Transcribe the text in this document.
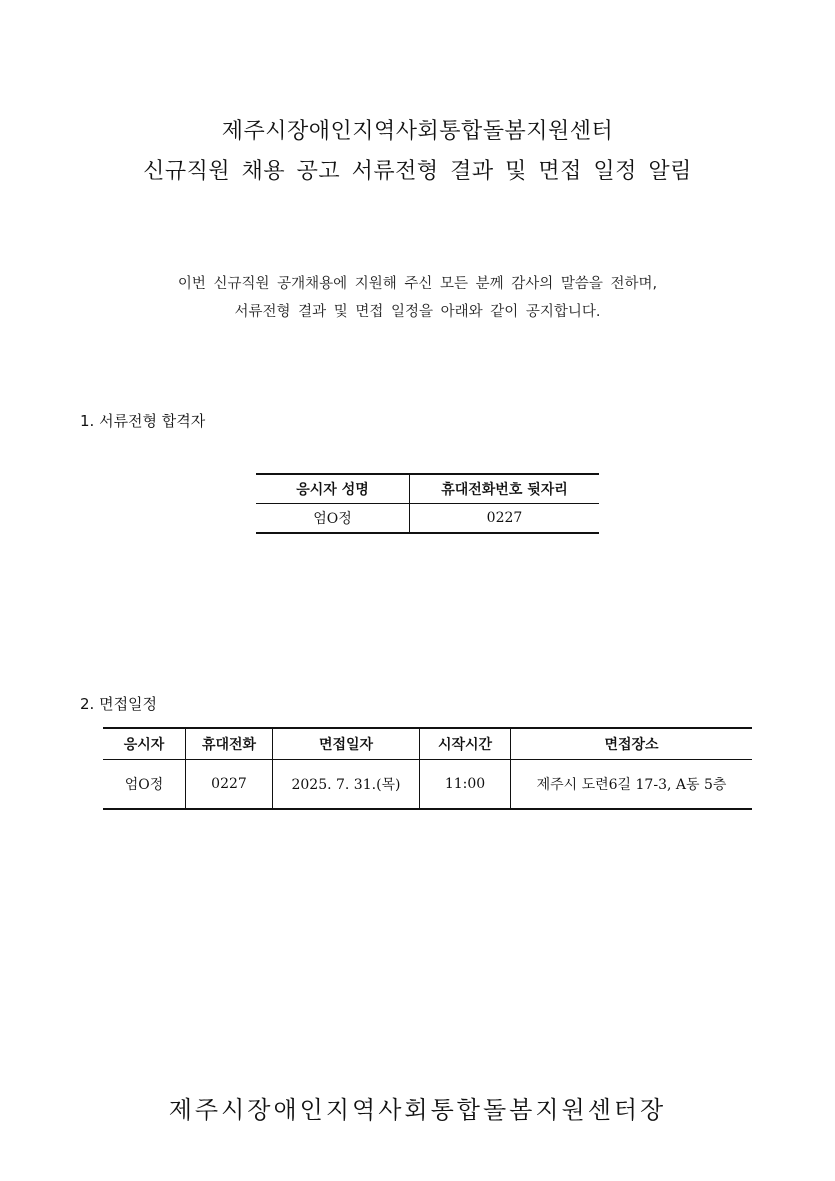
제주시장애인지역사회통합돌봄지원센터
신규직원 채용 공고 서류전형 결과 및 면접 일정 알림
이번 신규직원 공개채용에 지원해 주신 모든 분께 감사의 말씀을 전하며,
서류전형 결과 및 면접 일정을 아래와 같이 공지합니다.
1. 서류전형 합격자
응시자 성명	휴대전화번호 뒷자리
엄O정	0227
2. 면접일정
응시자	휴대전화	면접일자	시작시간	면접장소
엄O정	0227	2025. 7. 31.(목)	11:00	제주시 도련6길 17-3, A동 5층
제주시장애인지역사회통합돌봄지원센터장
